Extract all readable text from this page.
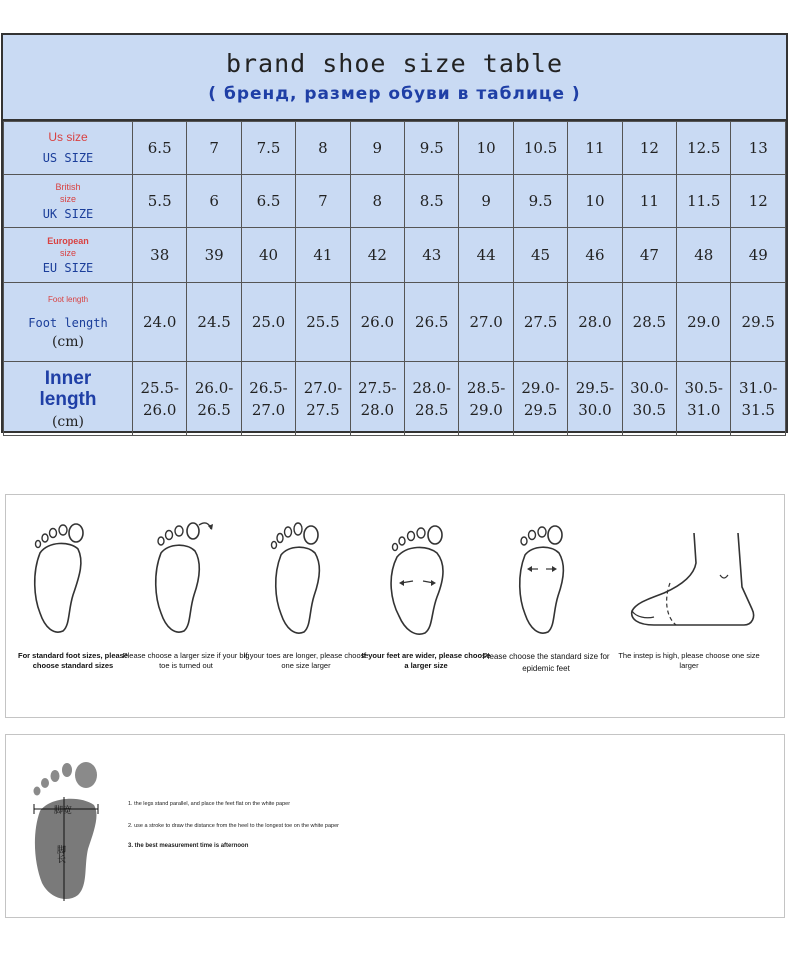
brand shoe size table
( бренд, размер обуви в таблице )
Us size
US SIZE	6.5	7	7.5	8	9	9.5	10	10.5	11	12	12.5	13

British
size
UK SIZE	5.5	6	6.5	7	8	8.5	9	9.5	10	11	11.5	12

European
size
EU SIZE	38	39	40	41	42	43	44	45	46	47	48	49

Foot length
Foot length
(cm)	24.0	24.5	25.0	25.5	26.0	26.5	27.0	27.5	28.0	28.5	29.0	29.5

Inner
length
(cm)	25.5-
26.0	26.0-
26.5	26.5-
27.0	27.0-
27.5	27.5-
28.0	28.0-
28.5	28.5-
29.0	29.0-
29.5	29.5-
30.0	30.0-
30.5	30.5-
31.0	31.0-
31.5
For standard foot sizes, please choose standard sizes
Please choose a larger size if your big toe is turned out
If your toes are longer, please choose one size larger
If your feet are wider, please choose a larger size
Please choose the standard size for epidemic feet
The instep is high, please choose one size larger
脚宽
脚长
1. the legs stand parallel, and place the feet flat on the white paper
2. use a stroke to draw the distance from the heel to the longest toe on the white paper
3. the best measurement time is afternoon
